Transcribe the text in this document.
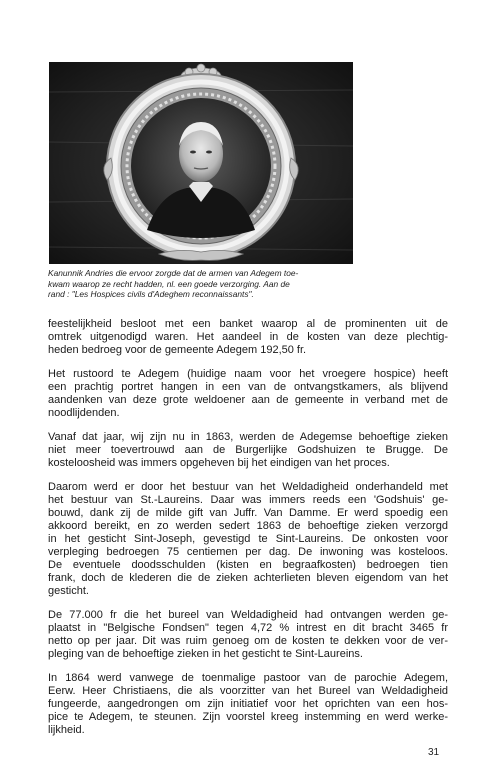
Kanunnik Andries die ervoor zorgde dat de armen van Adegem toe-
kwam waarop ze recht hadden, nl. een goede verzorging. Aan de
rand : "Les Hospices civils d'Adeghem reconnaissants".
feestelijkheid besloot met een banket waarop al de prominenten uit de
omtrek uitgenodigd waren. Het aandeel in de kosten van deze plechtig-
heden bedroeg voor de gemeente Adegem 192,50 fr.
Het rustoord te Adegem (huidige naam voor het vroegere hospice) heeft
een prachtig portret hangen in een van de ontvangstkamers, als blijvend
aandenken van deze grote weldoener aan de gemeente in verband met de
noodlijdenden.
Vanaf dat jaar, wij zijn nu in 1863, werden de Adegemse behoeftige zieken
niet meer toevertrouwd aan de Burgerlijke Godshuizen te Brugge. De
kosteloosheid was immers opgeheven bij het eindigen van het proces.
Daarom werd er door het bestuur van het Weldadigheid onderhandeld met
het bestuur van St.-Laureins. Daar was immers reeds een 'Godshuis' ge-
bouwd, dank zij de milde gift van Juffr. Van Damme. Er werd spoedig een
akkoord bereikt, en zo werden sedert 1863 de behoeftige zieken verzorgd
in het gesticht Sint-Joseph, gevestigd te Sint-Laureins. De onkosten voor
verpleging bedroegen 75 centiemen per dag. De inwoning was kosteloos.
De eventuele doodsschulden (kisten en begraafkosten) bedroegen tien
frank, doch de klederen die de zieken achterlieten bleven eigendom van het
gesticht.
De 77.000 fr die het bureel van Weldadigheid had ontvangen werden ge-
plaatst in "Belgische Fondsen" tegen 4,72 % intrest en dit bracht 3465 fr
netto op per jaar. Dit was ruim genoeg om de kosten te dekken voor de ver-
pleging van de behoeftige zieken in het gesticht te Sint-Laureins.
In 1864 werd vanwege de toenmalige pastoor van de parochie Adegem,
Eerw. Heer Christiaens, die als voorzitter van het Bureel van Weldadigheid
fungeerde, aangedrongen om zijn initiatief voor het oprichten van een hos-
pice te Adegem, te steunen. Zijn voorstel kreeg instemming en werd werke-
lijkheid.
31
